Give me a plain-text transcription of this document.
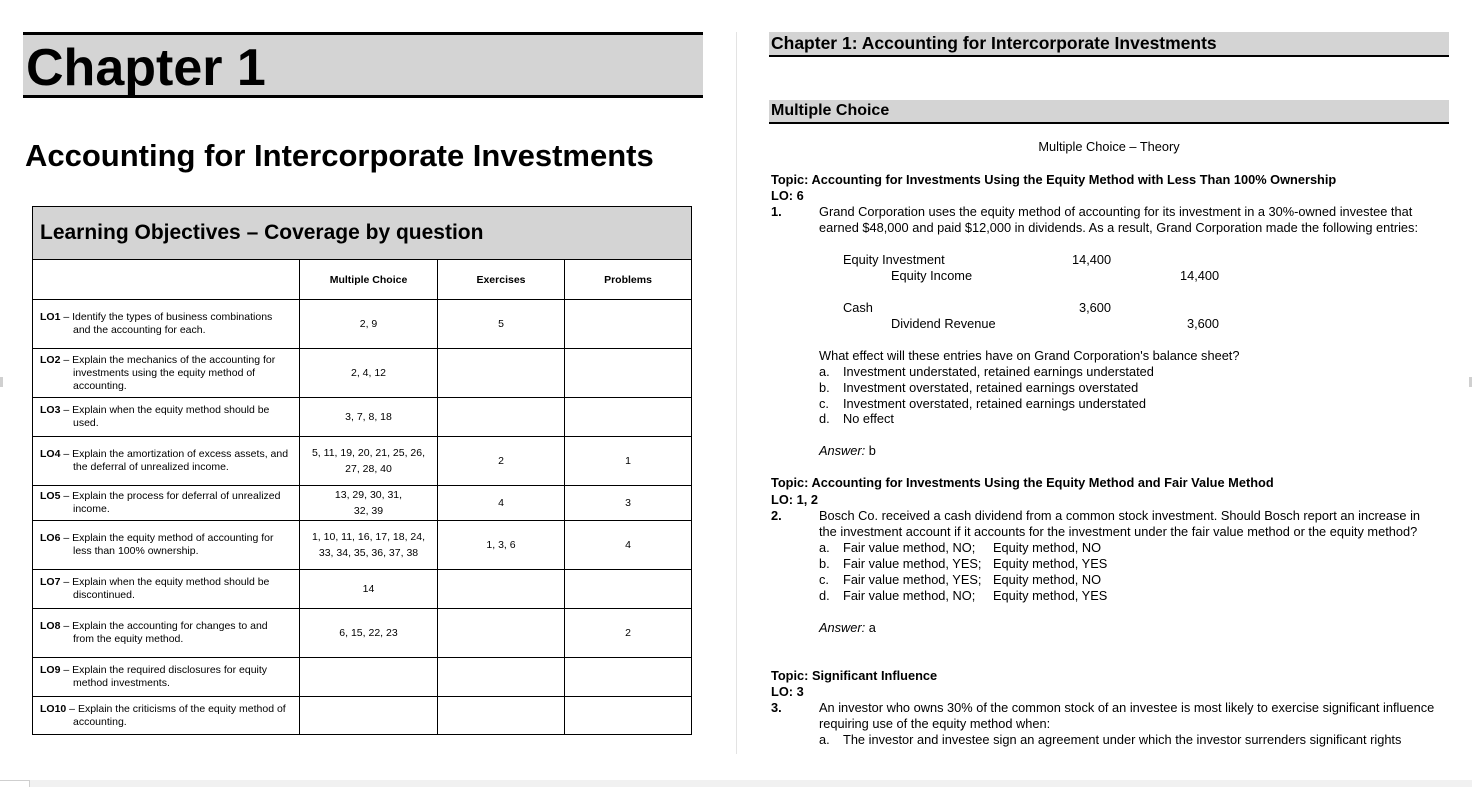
Chapter 1
Accounting for Intercorporate Investments
Learning Objectives – Coverage by question			
	Multiple Choice	Exercises	Problems

LO1 – Identify the types of business combinations and the accounting for each.	2, 9	5	

LO2 – Explain the mechanics of the accounting for investments using the equity method of accounting.	2, 4, 12		

LO3 – Explain when the equity method should be used.	3, 7, 8, 18		

LO4 – Explain the amortization of excess assets, and the deferral of unrealized income.	5, 11, 19, 20, 21, 25, 26, 27, 28, 40	2	1

LO5 – Explain the process for deferral of unrealized income.	13, 29, 30, 31, 32, 39	4	3

LO6 – Explain the equity method of accounting for less than 100% ownership.	1, 10, 11, 16, 17, 18, 24, 33, 34, 35, 36, 37, 38	1, 3, 6	4

LO7 – Explain when the equity method should be discontinued.	14		

LO8 – Explain the accounting for changes to and from the equity method.	6, 15, 22, 23		2

LO9 – Explain the required disclosures for equity method investments.			

LO10 – Explain the criticisms of the equity method of accounting.			

Chapter 1: Accounting for Intercorporate Investments
Multiple Choice
Multiple Choice – Theory
Topic: Accounting for Investments Using the Equity Method with Less Than 100% Ownership
LO: 6
1.	Grand Corporation uses the equity method of accounting for its investment in a 30%-owned investee that
earned $48,000 and paid $12,000 in dividends. As a result, Grand Corporation made the following entries:
Equity Investment	14,400
Equity Income	14,400
Cash	3,600
Dividend Revenue	3,600
What effect will these entries have on Grand Corporation's balance sheet?
a. Investment understated, retained earnings understated
b. Investment overstated, retained earnings overstated
c. Investment overstated, retained earnings understated
d. No effect
Answer: b
Topic: Accounting for Investments Using the Equity Method and Fair Value Method
LO: 1, 2
2.	Bosch Co. received a cash dividend from a common stock investment. Should Bosch report an increase in
the investment account if it accounts for the investment under the fair value method or the equity method?
a. Fair value method, NO; Equity method, NO
b. Fair value method, YES; Equity method, YES
c. Fair value method, YES; Equity method, NO
d. Fair value method, NO; Equity method, YES
Answer: a
Topic: Significant Influence
LO: 3
3.	An investor who owns 30% of the common stock of an investee is most likely to exercise significant influence
requiring use of the equity method when:
a. The investor and investee sign an agreement under which the investor surrenders significant rights
